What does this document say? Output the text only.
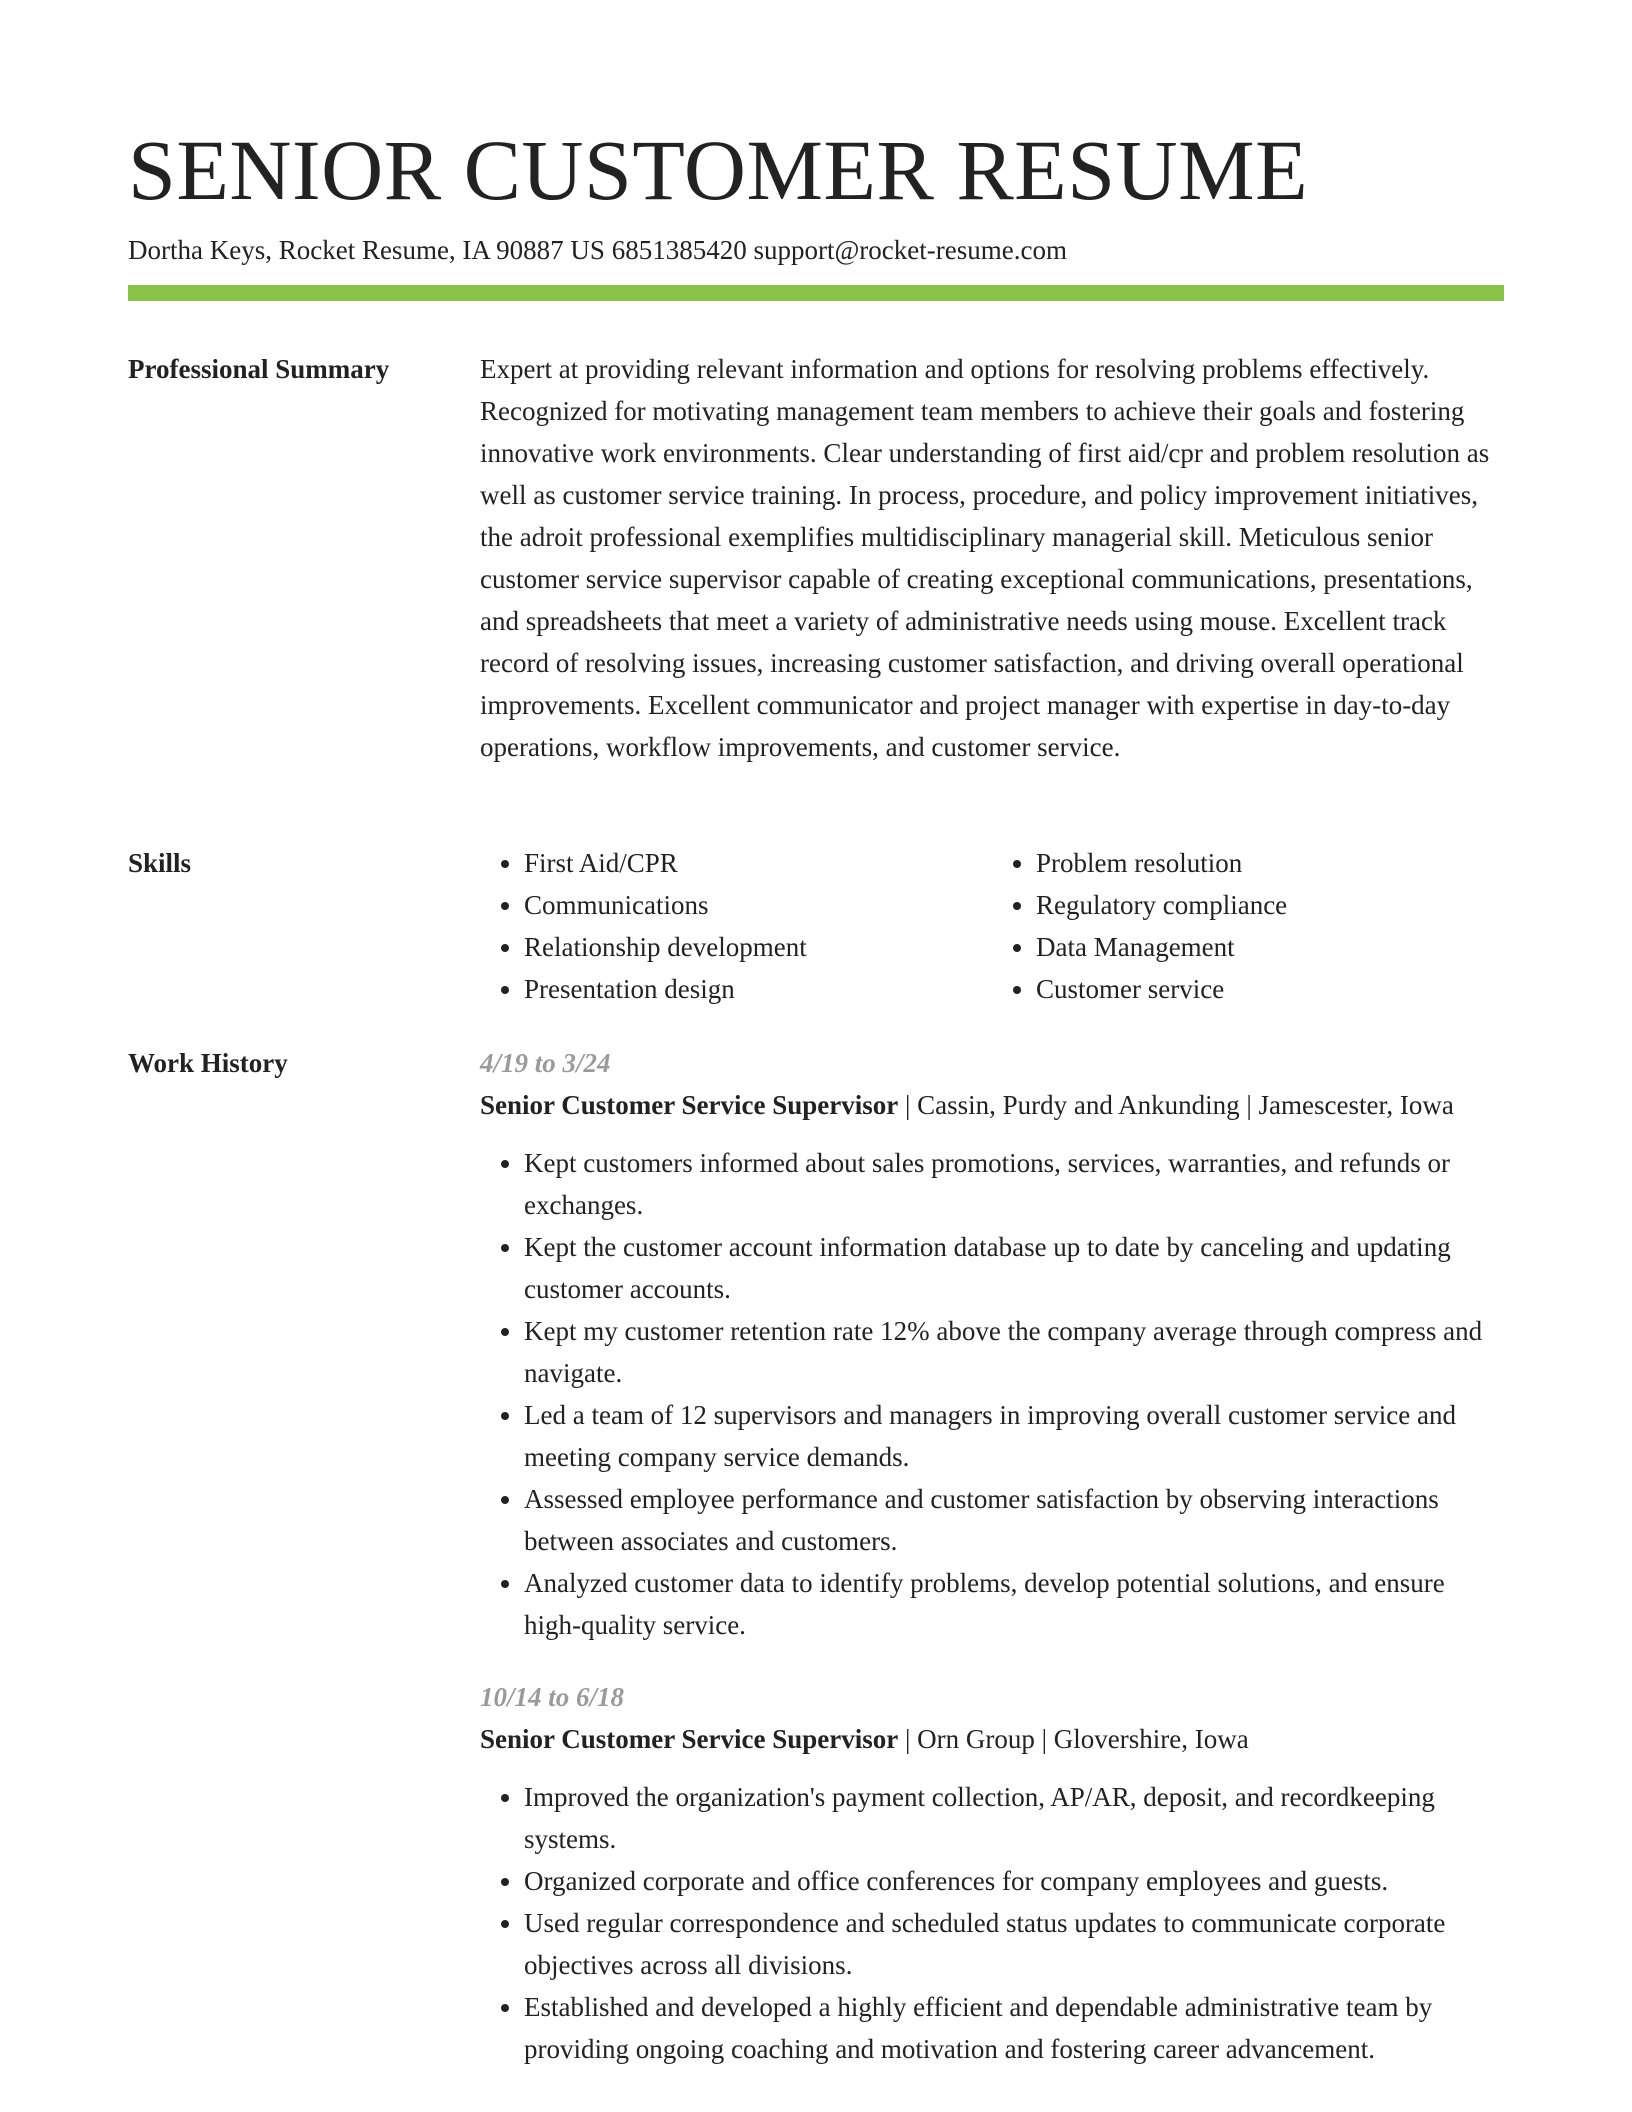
SENIOR CUSTOMER RESUME
Dortha Keys, Rocket Resume, IA 90887 US 6851385420 support@rocket-resume.com
Professional Summary	Expert at providing relevant information and options for resolving problems effectively. Recognized for motivating management team members to achieve their goals and fostering innovative work environments. Clear understanding of first aid/cpr and problem resolution as well as customer service training. In process, procedure, and policy improvement initiatives, the adroit professional exemplifies multidisciplinary managerial skill. Meticulous senior customer service supervisor capable of creating exceptional communications, presentations, and spreadsheets that meet a variety of administrative needs using mouse. Excellent track record of resolving issues, increasing customer satisfaction, and driving overall operational improvements. Excellent communicator and project manager with expertise in day-to-day operations, workflow improvements, and customer service.

Skills
•	First Aid/CPR
• Communications
• Relationship development
• Presentation design
• Problem resolution
• Regulatory compliance
• Data Management
• Customer service
Work History	4/19 to 3/24
Senior Customer Service Supervisor | Cassin, Purdy and Ankunding | Jamescester, Iowa
• Kept customers informed about sales promotions, services, warranties, and refunds or exchanges.
• Kept the customer account information database up to date by canceling and updating customer accounts.
• Kept my customer retention rate 12% above the company average through compress and navigate.
• Led a team of 12 supervisors and managers in improving overall customer service and meeting company service demands.
• Assessed employee performance and customer satisfaction by observing interactions between associates and customers.
• Analyzed customer data to identify problems, develop potential solutions, and ensure high-quality service.
10/14 to 6/18
Senior Customer Service Supervisor | Orn Group | Glovershire, Iowa
• Improved the organization's payment collection, AP/AR, deposit, and recordkeeping systems.
• Organized corporate and office conferences for company employees and guests.
• Used regular correspondence and scheduled status updates to communicate corporate objectives across all divisions.
• Established and developed a highly efficient and dependable administrative team by providing ongoing coaching and motivation and fostering career advancement.
